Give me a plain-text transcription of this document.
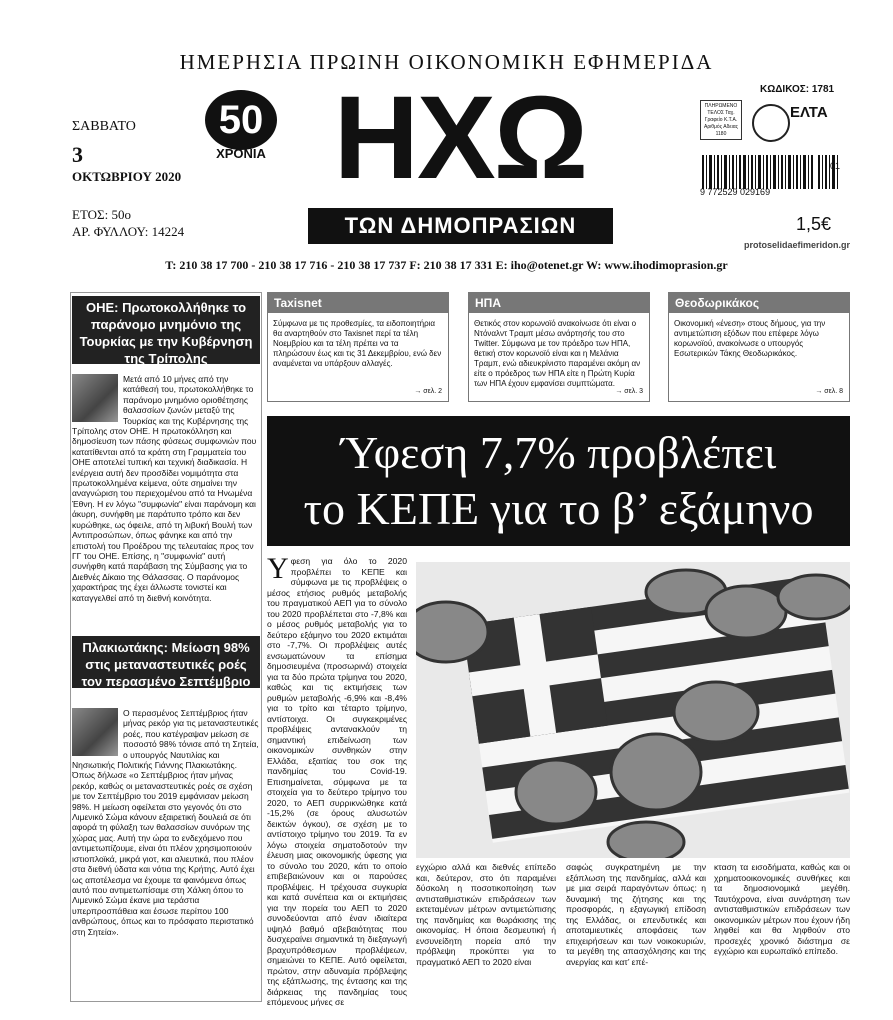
ΗΜΕΡΗΣΙΑ ΠΡΩΙΝΗ ΟΙΚΟΝΟΜΙΚΗ ΕΦΗΜΕΡΙΔΑ
ΣΑΒΒΑΤΟ
3
ΟΚΤΩΒΡΙΟΥ 2020
ΕΤΟΣ: 50ο
ΑΡ. ΦΥΛΛΟΥ: 14224
50
ΧΡΟΝΙΑ ΗΧΩ
ΤΩΝ ΔΗΜΟΠΡΑΣΙΩΝ
ΚΩΔΙΚΟΣ: 1781
ΠΛΗΡΩΜΕΝΟ ΤΕΛΟΣ Ταχ. Γραφείο Κ.Τ.Α. Αριθμός Αδειας 1180
ΕΛΤΑ
9 772529 029169
01
1,5€
protoselidaefimeridon.gr
T: 210 38 17 700 - 210 38 17 716 - 210 38 17 737 F: 210 38 17 331 E: iho@otenet.gr W: www.ihodimoprasion.gr
ΟΗΕ: Πρωτοκολλήθηκε το παράνομο μνημόνιο της Τουρκίας με την Κυβέρνηση της Τρίπολης
Μετά από 10 μήνες από την κατάθεσή του, πρωτοκολλήθηκε το παράνομο μνημόνιο οριοθέτησης θαλασσίων ζωνών μεταξύ της Τουρκίας και της Κυβέρνησης της Τρίπολης στον ΟΗΕ. Η πρωτοκόλληση και δημοσίευση των πάσης φύσεως συμφωνιών που κατατίθενται από τα κράτη στη Γραμματεία του ΟΗΕ αποτελεί τυπική και τεχνική διαδικασία. Η ενέργεια αυτή δεν προσδίδει νομιμότητα στα πρωτοκολλημένα κείμενα, ούτε σημαίνει την αναγνώριση του περιεχομένου από τα Ηνωμένα Έθνη. Η εν λόγω "συμφωνία" είναι παράνομη και άκυρη, συνήφθη με παράτυπο τρόπο και δεν κυρώθηκε, ως όφειλε, από τη λιβυκή Βουλή των Αντιπροσώπων, όπως φάνηκε και από την επιστολή του Προέδρου της τελευταίας προς τον ΓΓ του ΟΗΕ. Επίσης, η "συμφωνία" αυτή συνήφθη κατά παράβαση της Σύμβασης για το Διεθνές Δίκαιο της Θάλασσας. Ο παράνομος χαρακτήρας της έχει άλλωστε τονιστεί και καταγγελθεί από τη διεθνή κοινότητα.
Πλακιωτάκης: Μείωση 98% στις μεταναστευτικές ροές τον περασμένο Σεπτέμβριο
Ο περασμένος Σεπτέμβριος ήταν μήνας ρεκόρ για τις μεταναστευτικές ροές, που κατέγραψαν μείωση σε ποσοστό 98% τόνισε από τη Σητεία, ο υπουργός Ναυτιλίας και Νησιωτικής Πολιτικής Γιάννης Πλακιωτάκης. Όπως δήλωσε «ο Σεπτέμβριος ήταν μήνας ρεκόρ, καθώς οι μεταναστευτικές ροές σε σχέση με τον Σεπτέμβριο του 2019 εμφάνισαν μείωση 98%. Η μείωση οφείλεται στο γεγονός ότι στο Λιμενικό Σώμα κάνουν εξαιρετική δουλειά σε ότι αφορά τη φύλαξη των θαλασσίων συνόρων της χώρας μας. Αυτή την ώρα το ενδεχόμενο που αντιμετωπίζουμε, είναι ότι πλέον χρησιμοποιούν ιστιοπλοϊκά, μικρά γιοτ, και αλιευτικά, που πλέον στα διεθνή ύδατα και νότια της Κρήτης. Αυτό έχει ως αποτέλεσμα να έχουμε τα φαινόμενα όπως αυτό που αντιμετωπίσαμε στη Χάλκη όπου το Λιμενικό Σώμα έκανε μια τεράστια υπερπροσπάθεια και έσωσε περίπου 100 ανθρώπους, όπως και το πρόσφατο περιστατικό στη Σητεία».
Taxisnet
Σύμφωνα με τις προθεσμίες, τα ειδοποιητήρια θα αναρτηθούν στο Taxisnet περί τα τέλη Νοεμβρίου και τα τέλη πρέπει να τα πληρώσουν έως και τις 31 Δεκεμβρίου, ενώ δεν αναμένεται να υπάρξουν αλλαγές.
→ σελ. 2
ΗΠΑ
Θετικός στον κορωνοϊό ανακοίνωσε ότι είναι ο Ντόναλντ Τραμπ μέσω ανάρτησής του στο Twitter. Σύμφωνα με τον πρόεδρο των ΗΠΑ, θετική στον κορωνοϊό είναι και η Μελάνια Τραμπ, ενώ αδιευκρίνιστο παραμένει ακόμη αν είτε ο πρόεδρος των ΗΠΑ είτε η Πρώτη Κυρία των ΗΠΑ έχουν εμφανίσει συμπτώματα.
→ σελ. 3
Θεοδωρικάκος
Οικονομική «ένεση» στους δήμους, για την αντιμετώπιση εξόδων που επέφερε λόγω κορωνοϊού, ανακοίνωσε ο υπουργός Εσωτερικών Τάκης Θεοδωρικάκος.
→ σελ. 8
Ύφεση 7,7% προβλέπει
το ΚΕΠΕ για το β’ εξάμηνο
Υφεση για όλο το 2020 προβλέπει το ΚΕΠΕ και σύμφωνα με τις προβλέψεις ο μέσος ετήσιος ρυθμός μεταβολής του πραγματικού ΑΕΠ για το σύνολο του 2020 προβλέπεται στο -7,8% και ο μέσος ρυθμός μεταβολής για το δεύτερο εξάμηνο του 2020 εκτιμάται στο -7,7%. Οι προβλέψεις αυτές ενσωματώνουν τα επίσημα δημοσιευμένα (προσωρινά) στοιχεία για τα δύο πρώτα τρίμηνα του 2020, καθώς και τις εκτιμήσεις των ρυθμών μεταβολής -6,9% και -8,4% για το τρίτο και τέταρτο τρίμηνο, αντίστοιχα. Οι συγκεκριμένες προβλέψεις αντανακλούν τη σημαντική επιδείνωση των οικονομικών συνθηκών στην Ελλάδα, εξαιτίας του σοκ της πανδημίας του Covid-19. Επισημαίνεται, σύμφωνα με τα στοιχεία για το δεύτερο τρίμηνο του 2020, το ΑΕΠ συρρικνώθηκε κατά -15,2% (σε όρους αλυσωτών δεικτών όγκου), σε σχέση με το αντίστοιχο τρίμηνο του 2019. Τα εν λόγω στοιχεία σηματοδοτούν την έλευση μιας οικονομικής ύφεσης για το σύνολο του 2020, κάτι το οποίο επιβεβαιώνουν και οι παρούσες προβλέψεις. Η τρέχουσα συγκυρία και κατά συνέπεια και οι εκτιμήσεις για την πορεία του ΑΕΠ το 2020 συνοδεύονται από έναν ιδιαίτερα υψηλό βαθμό αβεβαιότητας που δυσχεραίνει σημαντικά τη διεξαγωγή βραχυπρόθεσμων προβλέψεων, σημειώνει το ΚΕΠΕ. Αυτό οφείλεται, πρώτον, στην αδυναμία πρόβλεψης της εξάπλωσης, της έντασης και της διάρκειας της πανδημίας τους επόμενους μήνες σε
εγχώριο αλλά και διεθνές επίπεδο και, δεύτερον, στο ότι παραμένει δύσκολη η ποσοτικοποίηση των αντισταθμιστικών επιδράσεων των εκτεταμένων μέτρων αντιμετώπισης της πανδημίας και θωράκισης της οικονομίας. Η όποια δεσμευτική ή ενσυνείδητη πορεία από την πρόβλεψη προκύπτει για το πραγματικό ΑΕΠ το 2020 είναι
σαφώς συγκρατημένη με την εξάπλωση της πανδημίας, αλλά και με μια σειρά παραγόντων όπως: η δυναμική της ζήτησης και της προσφοράς, η εξαγωγική επίδοση της Ελλάδας, οι επενδυτικές και αποταμιευτικές αποφάσεις των επιχειρήσεων και των νοικοκυριών, τα μεγέθη της απασχόλησης και της ανεργίας και κατ’ επέ-
κταση τα εισοδήματα, καθώς και οι χρηματοοικονομικές συνθήκες και τα δημοσιονομικά μεγέθη. Ταυτόχρονα, είναι συνάρτηση των αντισταθμιστικών επιδράσεων των οικονομικών μέτρων που έχουν ήδη ληφθεί και θα ληφθούν στο προσεχές χρονικό διάστημα σε εγχώριο και ευρωπαϊκό επίπεδο.
